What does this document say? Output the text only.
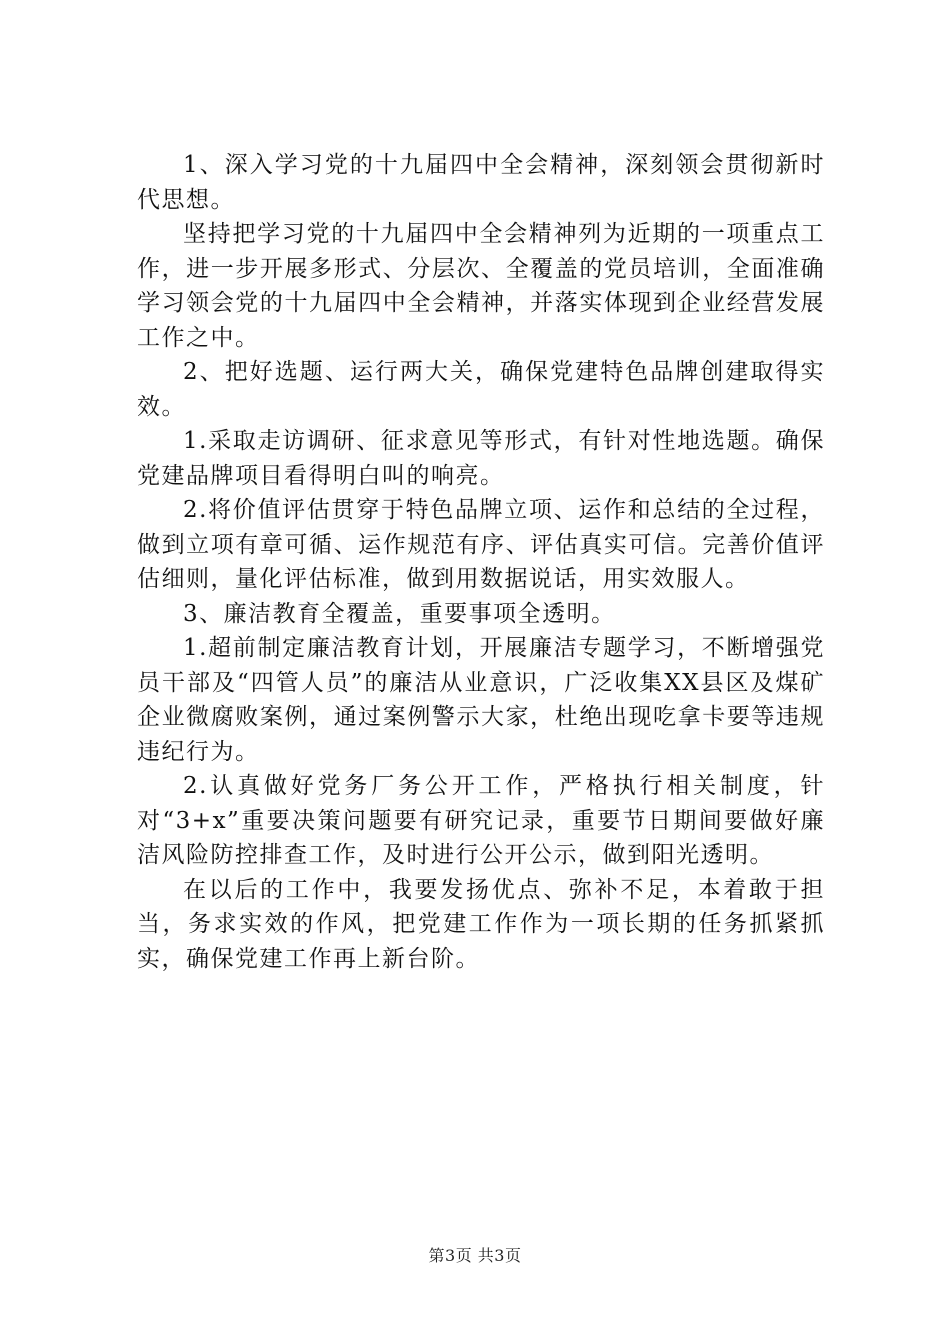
1、深入学习党的十九届四中全会精神，深刻领会贯彻新时代思想。

坚持把学习党的十九届四中全会精神列为近期的一项重点工作，进一步开展多形式、分层次、全覆盖的党员培训，全面准确学习领会党的十九届四中全会精神，并落实体现到企业经营发展工作之中。

2、把好选题、运行两大关，确保党建特色品牌创建取得实效。

1.采取走访调研、征求意见等形式，有针对性地选题。确保党建品牌项目看得明白叫的响亮。

2.将价值评估贯穿于特色品牌立项、运作和总结的全过程，做到立项有章可循、运作规范有序、评估真实可信。完善价值评估细则，量化评估标准，做到用数据说话，用实效服人。

3、廉洁教育全覆盖，重要事项全透明。

1.超前制定廉洁教育计划，开展廉洁专题学习，不断增强党员干部及“四管人员”的廉洁从业意识，广泛收集XX县区及煤矿企业微腐败案例，通过案例警示大家，杜绝出现吃拿卡要等违规违纪行为。

2.认真做好党务厂务公开工作，严格执行相关制度，针对“3+x”重要决策问题要有研究记录，重要节日期间要做好廉洁风险防控排查工作，及时进行公开公示，做到阳光透明。

在以后的工作中，我要发扬优点、弥补不足，本着敢于担当，务求实效的作风，把党建工作作为一项长期的任务抓紧抓实，确保党建工作再上新台阶。

第3页 共3页
